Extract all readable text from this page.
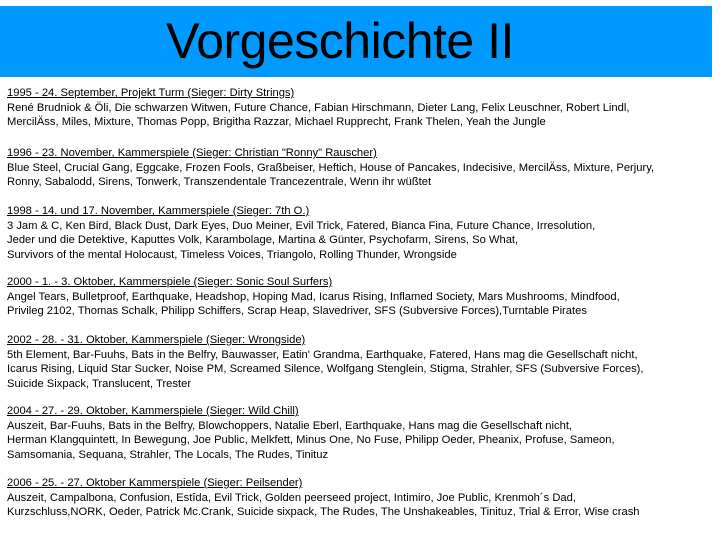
Vorgeschichte II
1995 - 24. September, Projekt Turm (Sieger: Dirty Strings)
René Brudniok & Öli, Die schwarzen Witwen, Future Chance, Fabian Hirschmann, Dieter Lang, Felix Leuschner, Robert Lindl,
MercilÄss, Miles, Mixture, Thomas Popp, Brigitha Razzar, Michael Rupprecht, Frank Thelen, Yeah the Jungle
1996 - 23. November, Kammerspiele (Sieger: Christian "Ronny" Rauscher)
Blue Steel, Crucial Gang, Eggcake, Frozen Fools, Graßbeiser, Heftich, House of Pancakes, Indecisive, MercilÄss, Mixture, Perjury,
Ronny, Sabalodd, Sirens, Tonwerk, Transzendentale Trancezentrale, Wenn ihr wüßtet
1998 - 14. und 17. November, Kammerspiele (Sieger: 7th O.)
3 Jam & C, Ken Bird, Black Dust, Dark Eyes, Duo Meiner, Evil Trick, Fatered, Bianca Fina, Future Chance, Irresolution,
Jeder und die Detektive, Kaputtes Volk, Karambolage, Martina & Günter, Psychofarm, Sirens, So What,
Survivors of the mental Holocaust, Timeless Voices, Triangolo, Rolling Thunder, Wrongside
2000 - 1. - 3. Oktober, Kammerspiele (Sieger: Sonic Soul Surfers)
Angel Tears, Bulletproof, Earthquake, Headshop, Hoping Mad, Icarus Rising, Inflamed Society, Mars Mushrooms, Mindfood,
Privileg 2102, Thomas Schalk, Philipp Schiffers, Scrap Heap, Slavedriver, SFS (Subversive Forces),Turntable Pirates
2002 - 28. - 31. Oktober, Kammerspiele (Sieger: Wrongside)
5th Element, Bar-Fuuhs, Bats in the Belfry, Bauwasser, Eatin' Grandma, Earthquake, Fatered, Hans mag die Gesellschaft nicht,
Icarus Rising, Liquid Star Sucker, Noise PM, Screamed Silence, Wolfgang Stenglein, Stigma, Strahler, SFS (Subversive Forces),
Suicide Sixpack, Translucent, Trester
2004 - 27. - 29. Oktober, Kammerspiele (Sieger: Wild Chill)
Auszeit, Bar-Fuuhs, Bats in the Belfry, Blowchoppers, Natalie Eberl, Earthquake, Hans mag die Gesellschaft nicht,
Herman Klangquintett, In Bewegung, Joe Public, Melkfett, Minus One, No Fuse, Philipp Oeder, Pheanix, Profuse, Sameon,
Samsomania, Sequana, Strahler, The Locals, The Rudes, Tinituz
2006 - 25. - 27. Oktober Kammerspiele (Sieger: Peilsender)
Auszeit, Campalbona, Confusion, Estîda, Evil Trick, Golden peerseed project, Intimiro, Joe Public, Krenmoh´s Dad,
Kurzschluss,NORK, Oeder, Patrick Mc.Crank, Suicide sixpack, The Rudes, The Unshakeables, Tinituz, Trial & Error, Wise crash
